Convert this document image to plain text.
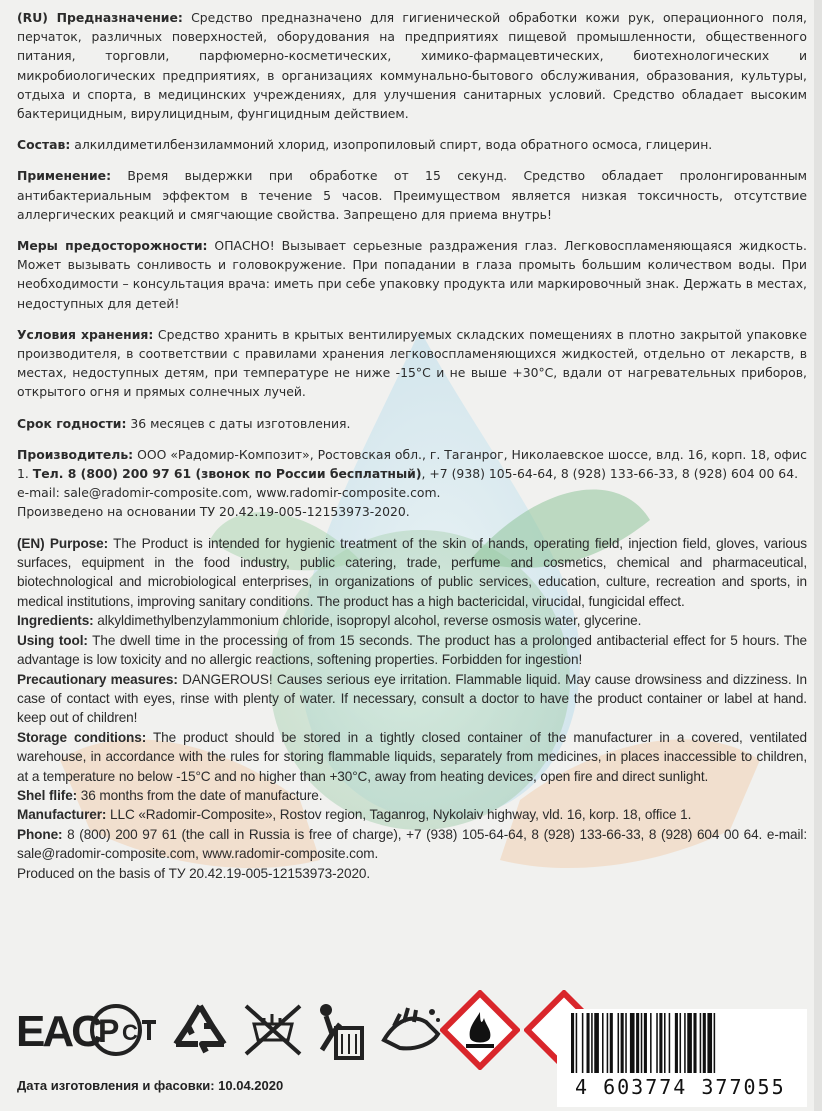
(RU) Предназначение: Средство предназначено для гигиенической обработки кожи рук, операционного поля, перчаток, различных поверхностей, оборудования на предприятиях пищевой промышленности, общественного питания, торговли, парфюмерно-косметических, химико-фармацевтических, биотехнологических и микробиологических предприятиях, в организациях коммунально-бытового обслуживания, образования, культуры, отдыха и спорта, в медицинских учреждениях, для улучшения санитарных условий. Средство обладает высоким бактерицидным, вирулицидным, фунгицидным действием.

Состав: алкилдиметилбензиламмоний хлорид, изопропиловый спирт, вода обратного осмоса, глицерин.

Применение: Время выдержки при обработке от 15 секунд. Средство обладает пролонгированным антибактериальным эффектом в течение 5 часов. Преимуществом является низкая токсичность, отсутствие аллергических реакций и смягчающие свойства. Запрещено для приема внутрь!

Меры предосторожности: ОПАСНО! Вызывает серьезные раздражения глаз. Легковоспламеняющаяся жидкость. Может вызывать сонливость и головокружение. При попадании в глаза промыть большим количеством воды. При необходимости – консультация врача: иметь при себе упаковку продукта или маркировочный знак. Держать в местах, недоступных для детей!

Условия хранения: Средство хранить в крытых вентилируемых складских помещениях в плотно закрытой упаковке производителя, в соответствии с правилами хранения легковоспламеняющихся жидкостей, отдельно от лекарств, в местах, недоступных детям, при температуре не ниже -15°С и не выше +30°С, вдали от нагревательных приборов, открытого огня и прямых солнечных лучей.

Срок годности: 36 месяцев с даты изготовления.

Производитель: ООО «Радомир-Композит», Ростовская обл., г. Таганрог, Николаевское шоссе, влд. 16, корп. 18, офис 1. Тел. 8 (800) 200 97 61 (звонок по России бесплатный), +7 (938) 105-64-64, 8 (928) 133-66-33, 8 (928) 604 00 64.

e-mail: sale@radomir-composite.com, www.radomir-composite.com.

Произведено на основании ТУ 20.42.19-005-12153973-2020.

(EN) Purpose: The Product is intended for hygienic treatment of the skin of hands, operating field, injection field, gloves, various surfaces, equipment in the food industry, public catering, trade, perfume and cosmetics, chemical and pharmaceutical, biotechnological and microbiological enterprises, in organizations of public services, education, culture, recreation and sports, in medical institutions, improving sanitary conditions. The product has a high bactericidal, virucidal, fungicidal effect.

Ingredients: alkyldimethylbenzylammonium chloride, isopropyl alcohol, reverse osmosis water, glycerine.

Using tool: The dwell time in the processing of from 15 seconds. The product has a prolonged antibacterial effect for 5 hours. The advantage is low toxicity and no allergic reactions, softening properties. Forbidden for ingestion!

Precautionary measures: DANGEROUS! Causes serious eye irritation. Flammable liquid. May cause drowsiness and dizziness. In case of contact with eyes, rinse with plenty of water. If necessary, consult a doctor to have the product container or label at hand. keep out of children!

Storage conditions: The product should be stored in a tightly closed container of the manufacturer in a covered, ventilated warehouse, in accordance with the rules for storing flammable liquids, separately from medicines, in places inaccessible to children, at a temperature no below -15°C and no higher than +30°C, away from heating devices, open fire and direct sunlight.

Shel flife: 36 months from the date of manufacture.

Manufacturer: LLC «Radomir-Composite», Rostov region, Taganrog, Nykolaiv highway, vld. 16, korp. 18, office 1.

Phone: 8 (800) 200 97 61 (the call in Russia is free of charge), +7 (938) 105-64-64, 8 (928) 133-66-33, 8 (928) 604 00 64. e-mail: sale@radomir-composite.com, www.radomir-composite.com.

Produced on the basis of ТУ 20.42.19-005-12153973-2020.

EAC
P C
4 603774 377055
Дата изготовления и фасовки: 10.04.2020
